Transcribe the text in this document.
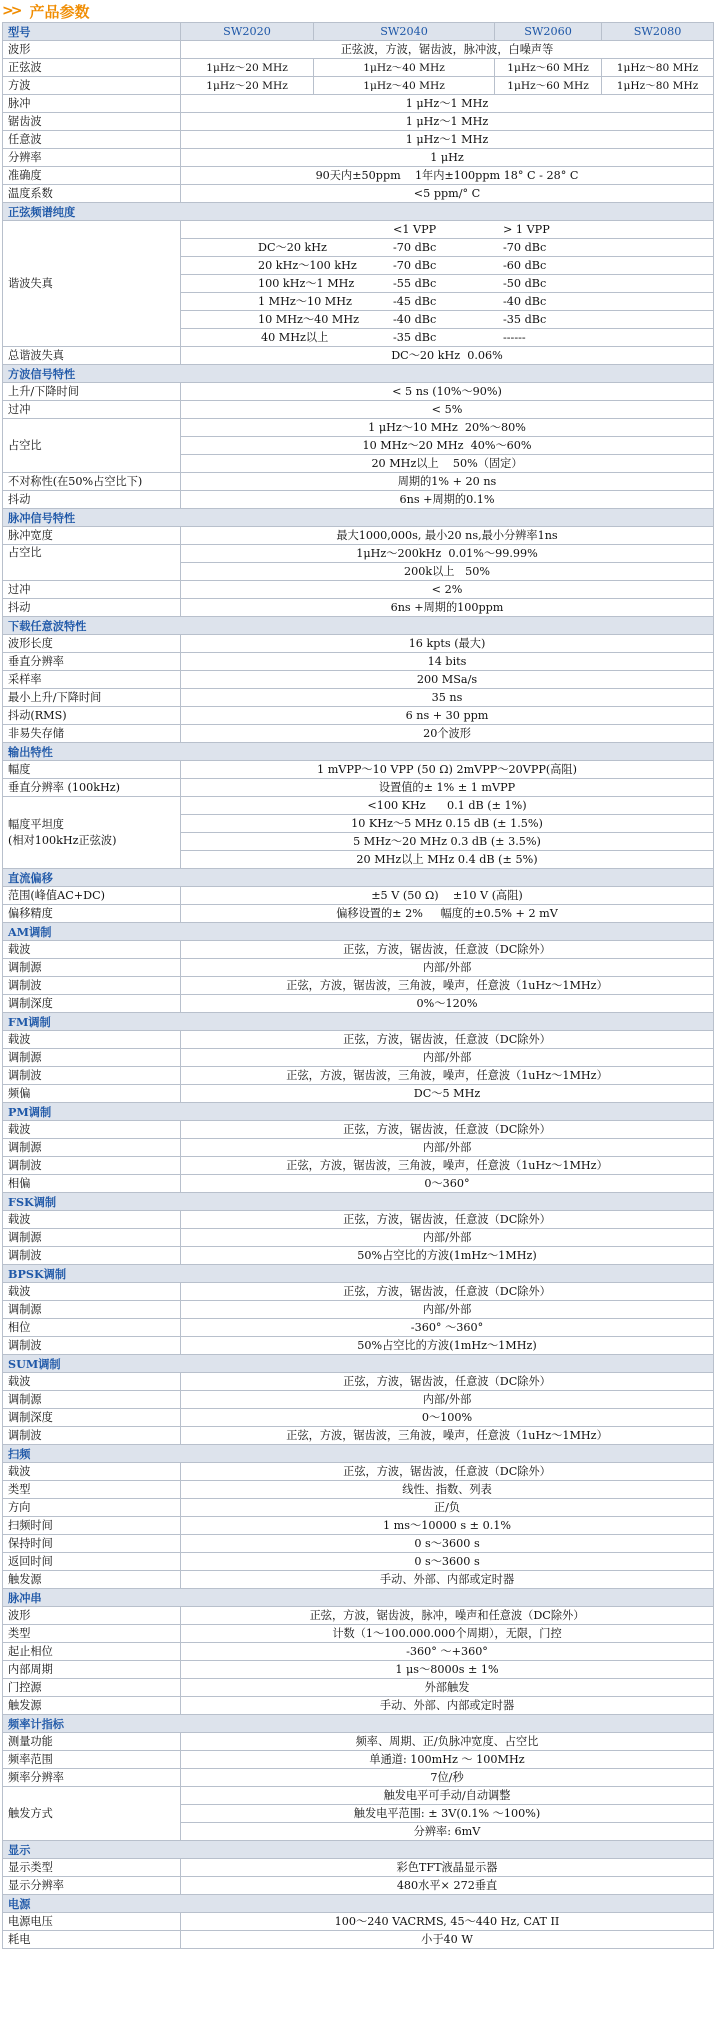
>> 产品参数
型号	SW2020	SW2040	SW2060	SW2080
波形	正弦波，方波，锯齿波，脉冲波，白噪声等
正弦波	1μHz～20 MHz	1μHz～40 MHz	1μHz～60 MHz	1μHz～80 MHz
方波	1μHz～20 MHz	1μHz～40 MHz	1μHz～60 MHz	1μHz～80 MHz
脉冲	1 μHz～1 MHz
锯齿波	1 μHz～1 MHz
任意波	1 μHz～1 MHz
分辨率	1 μHz
准确度	90天内±50ppm    1年内±100ppm 18° C - 28° C
温度系数	<5 ppm/° C
正弦频谱纯度
谐波失真	
		<1 VPP	> 1 VPP

	DC～20 kHz	-70 dBc	-70 dBc

	20 kHz～100 kHz	-70 dBc	-60 dBc

	100 kHz～1 MHz	-55 dBc	-50 dBc

	1 MHz～10 MHz	-45 dBc	-40 dBc

	10 MHz～40 MHz	-40 dBc	-35 dBc

	40 MHz以上	-35 dBc	------

总谐波失真	DC～20 kHz  0.06%
方波信号特性
上升/下降时间	< 5 ns (10%～90%)
过冲	< 5%
占空比	1 μHz～10 MHz  20%～80%
10 MHz～20 MHz  40%～60%
20 MHz以上    50%（固定）
不对称性(在50%占空比下)	周期的1% + 20 ns
抖动	6ns +周期的0.1%
脉冲信号特性
脉冲宽度	最大1000,000s, 最小20 ns,最小分辨率1ns
占空比	1μHz～200kHz  0.01%～99.99%
200k以上   50%
过冲	< 2%
抖动	6ns +周期的100ppm
下载任意波特性
波形长度	16 kpts (最大)
垂直分辨率	14 bits
采样率	200 MSa/s
最小上升/下降时间	35 ns
抖动(RMS)	6 ns + 30 ppm
非易失存储	20个波形
输出特性
幅度	1 mVPP～10 VPP (50 Ω) 2mVPP～20VPP(高阻)
垂直分辨率 (100kHz)	设置值的± 1% ± 1 mVPP

幅度平坦度
(相对100kHz正弦波)
	<100 KHz      0.1 dB (± 1%)
10 KHz～5 MHz 0.15 dB (± 1.5%)
5 MHz～20 MHz 0.3 dB (± 3.5%)
20 MHz以上 MHz 0.4 dB (± 5%)
直流偏移
范围(峰值AC+DC)	±5 V (50 Ω)    ±10 V (高阻)
偏移精度	偏移设置的± 2%     幅度的±0.5% + 2 mV
AM调制
载波	正弦，方波，锯齿波，任意波（DC除外）
调制源	内部/外部
调制波	正弦，方波，锯齿波，三角波，噪声，任意波（1uHz～1MHz）
调制深度	0%～120%
FM调制
载波	正弦，方波，锯齿波，任意波（DC除外）
调制源	内部/外部
调制波	正弦，方波，锯齿波，三角波，噪声，任意波（1uHz～1MHz）
频偏	DC～5 MHz
PM调制
载波	正弦，方波，锯齿波，任意波（DC除外）
调制源	内部/外部
调制波	正弦，方波，锯齿波，三角波，噪声，任意波（1uHz～1MHz）
相偏	0～360°
FSK调制
载波	正弦，方波，锯齿波，任意波（DC除外）
调制源	内部/外部
调制波	50%占空比的方波(1mHz～1MHz)
BPSK调制
载波	正弦，方波，锯齿波，任意波（DC除外）
调制源	内部/外部
相位	-360° ～360°
调制波	50%占空比的方波(1mHz～1MHz)
SUM调制
载波	正弦，方波，锯齿波，任意波（DC除外）
调制源	内部/外部
调制深度	0～100%
调制波	正弦，方波，锯齿波，三角波，噪声，任意波（1uHz～1MHz）
扫频
载波	正弦，方波，锯齿波，任意波（DC除外）
类型	线性、指数、列表
方向	正/负
扫频时间	1 ms～10000 s ± 0.1%
保持时间	0 s～3600 s
返回时间	0 s～3600 s
触发源	手动、外部、内部或定时器
脉冲串
波形	正弦，方波，锯齿波，脉冲，噪声和任意波（DC除外）
类型	计数（1～100.000.000个周期），无限，门控
起止相位	-360° ～+360°
内部周期	1 μs～8000s ± 1%
门控源	外部触发
触发源	手动、外部、内部或定时器
频率计指标
测量功能	频率、周期、正/负脉冲宽度、占空比
频率范围	单通道: 100mHz ～ 100MHz
频率分辨率	7位/秒
触发方式	触发电平可手动/自动调整
触发电平范围: ± 3V(0.1% ～100%)
分辨率: 6mV
显示
显示类型	彩色TFT液晶显示器
显示分辨率	480水平× 272垂直
电源
电源电压	100～240 VACRMS, 45～440 Hz, CAT II
耗电	小于40 W
